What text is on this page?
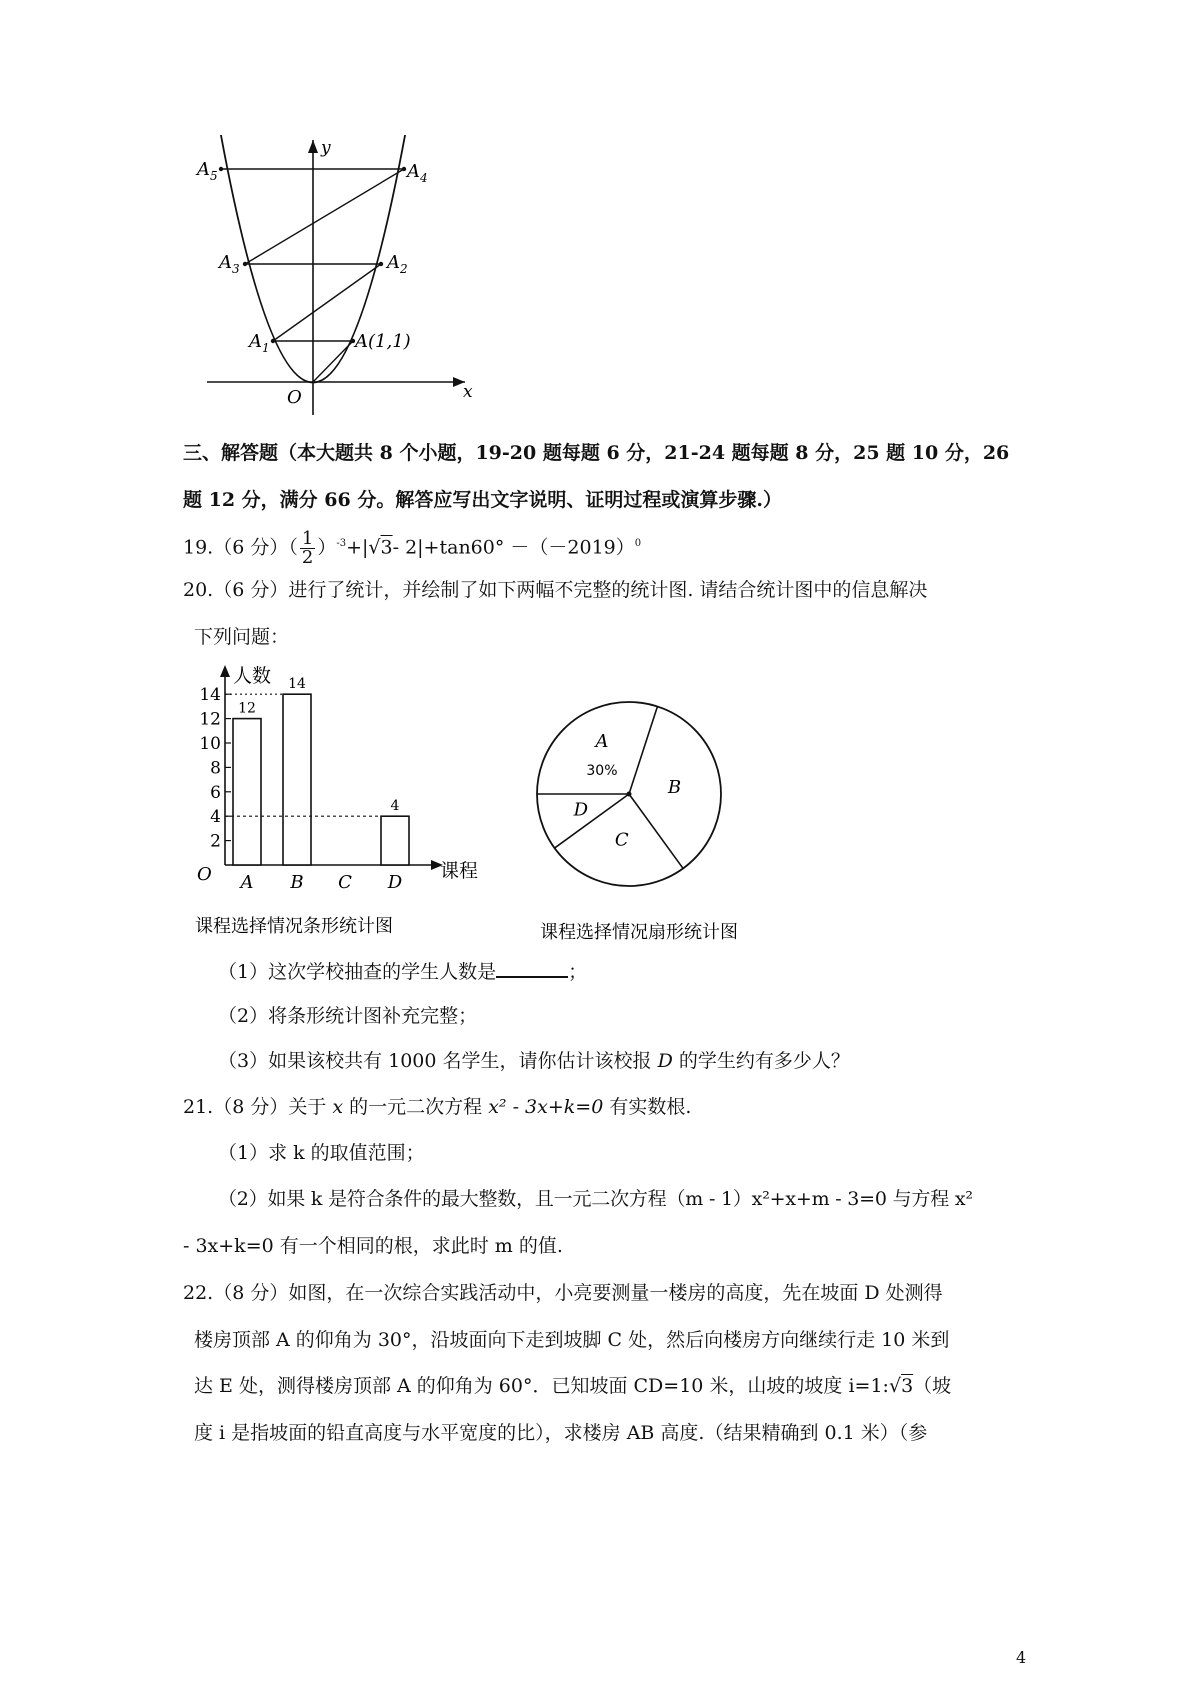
$A_5$	$A_4$
$A_3$	$A_2$
$A_1$	A(1,1)
O	x
y
三、解答题（本大题共 8 个小题，19-20 题每题 6 分，21-24 题每题 8 分，25 题 10 分，26
题 12 分，满分 66 分。解答应写出文字说明、证明过程或演算步骤.）
19.（6 分）（ $\frac{1}{2} )^{-3}+|√3-$ $2|+\tan 60^\circ -(-2019)^0$
20.（6 分）进行了统计，并绘制了如下两幅不完整的统计图. 请结合统计图中的信息解决
下列问题：
人数
课程
O
2
4
6
8
10
12
14
A
12
B
14
C D
4
课程选择情况条形统计图
A
30%
B
C
D
课程选择情况扇形统计图
（1）这次学校抽查的学生人数是	；
（2）将条形统计图补充完整；
（3）如果该校共有 1000 名学生，请你估计该校报 D 的学生约有多少人？
21.（8 分）关于 x 的一元二次方程 x² - 3x+k=0 有实数根.
（1）求 k 的取值范围；
（2）如果 k 是符合条件的最大整数，且一元二次方程（m - 1）x²+x+m - 3=0 与方程 x²
- 3x+k=0 有一个相同的根，求此时 m 的值.
22.（8 分）如图，在一次综合实践活动中，小亮要测量一楼房的高度，先在坡面 D 处测得
楼房顶部 A 的仰角为 30°，沿坡面向下走到坡脚 C 处，然后向楼房方向继续行走 10 米到
达 E 处，测得楼房顶部 A 的仰角为 60°．已知坡面 CD=10 米，山坡的坡度 i=1:√3（坡
度 i 是指坡面的铅直高度与水平宽度的比），求楼房 AB 高度.（结果精确到 0.1 米）（参
4
